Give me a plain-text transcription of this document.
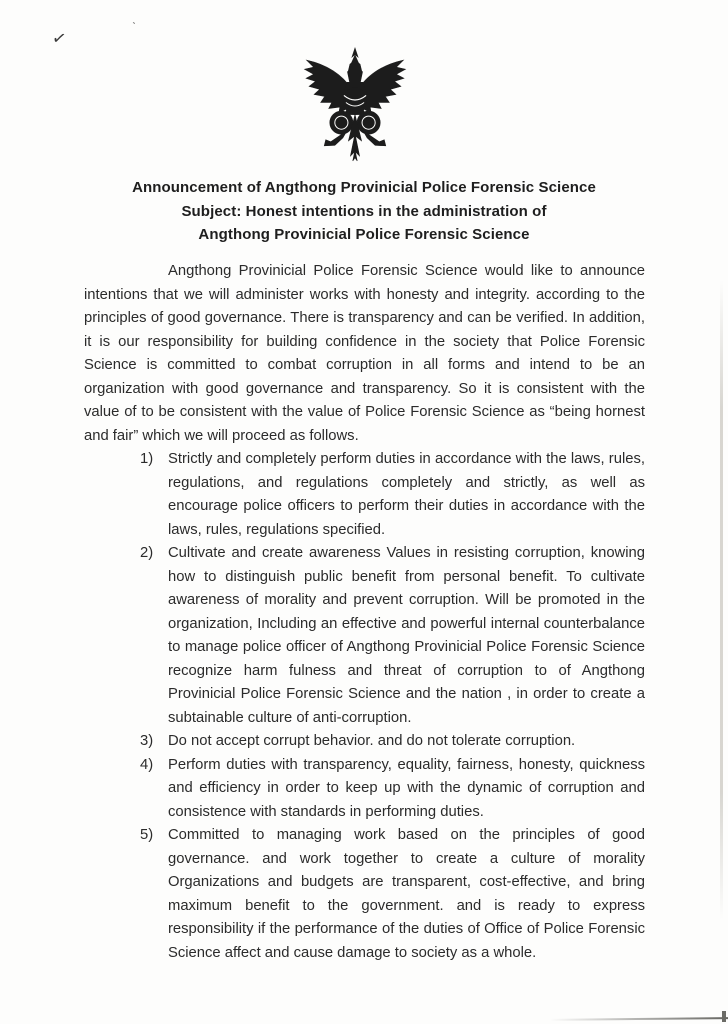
✓
ˋ
Announcement of Angthong Provinicial Police Forensic Science
Subject: Honest intentions in the administration of
Angthong Provinicial Police Forensic Science

Angthong Provinicial Police Forensic Science would like to announce intentions that we will administer works with honesty and integrity. according to the principles of good governance. There is transparency and can be verified. In addition, it is our responsibility for building confidence in the society that Police Forensic Science is committed to combat corruption in all forms and intend to be an organization with good governance and transparency. So it is consistent with the value of to be consistent with the value of Police Forensic Science as “being hornest and fair” which we will proceed as follows.

1) Strictly and completely perform duties in accordance with the laws, rules, regulations, and regulations completely and strictly, as well as encourage police officers to perform their duties in accordance with the laws, rules, regulations specified.
2) Cultivate and create awareness Values in resisting corruption, knowing how to distinguish public benefit from personal benefit. To cultivate awareness of morality and prevent corruption. Will be promoted in the organization, Including an effective and powerful internal counterbalance to manage police officer of Angthong Provinicial Police Forensic Science recognize harm fulness and threat of corruption to of Angthong Provinicial Police Forensic Science and the nation , in order to create a subtainable culture of anti-corruption.
3) Do not accept corrupt behavior. and do not tolerate corruption.
4) Perform duties with transparency, equality, fairness, honesty, quickness and efficiency in order to keep up with the dynamic of corruption and consistence with standards in performing duties.
5) Committed to managing work based on the principles of good governance. and work together to create a culture of morality Organizations and budgets are transparent, cost-effective, and bring maximum benefit to the government. and is ready to express responsibility if the performance of the duties of Office of Police Forensic Science affect and cause damage to society as a whole.
